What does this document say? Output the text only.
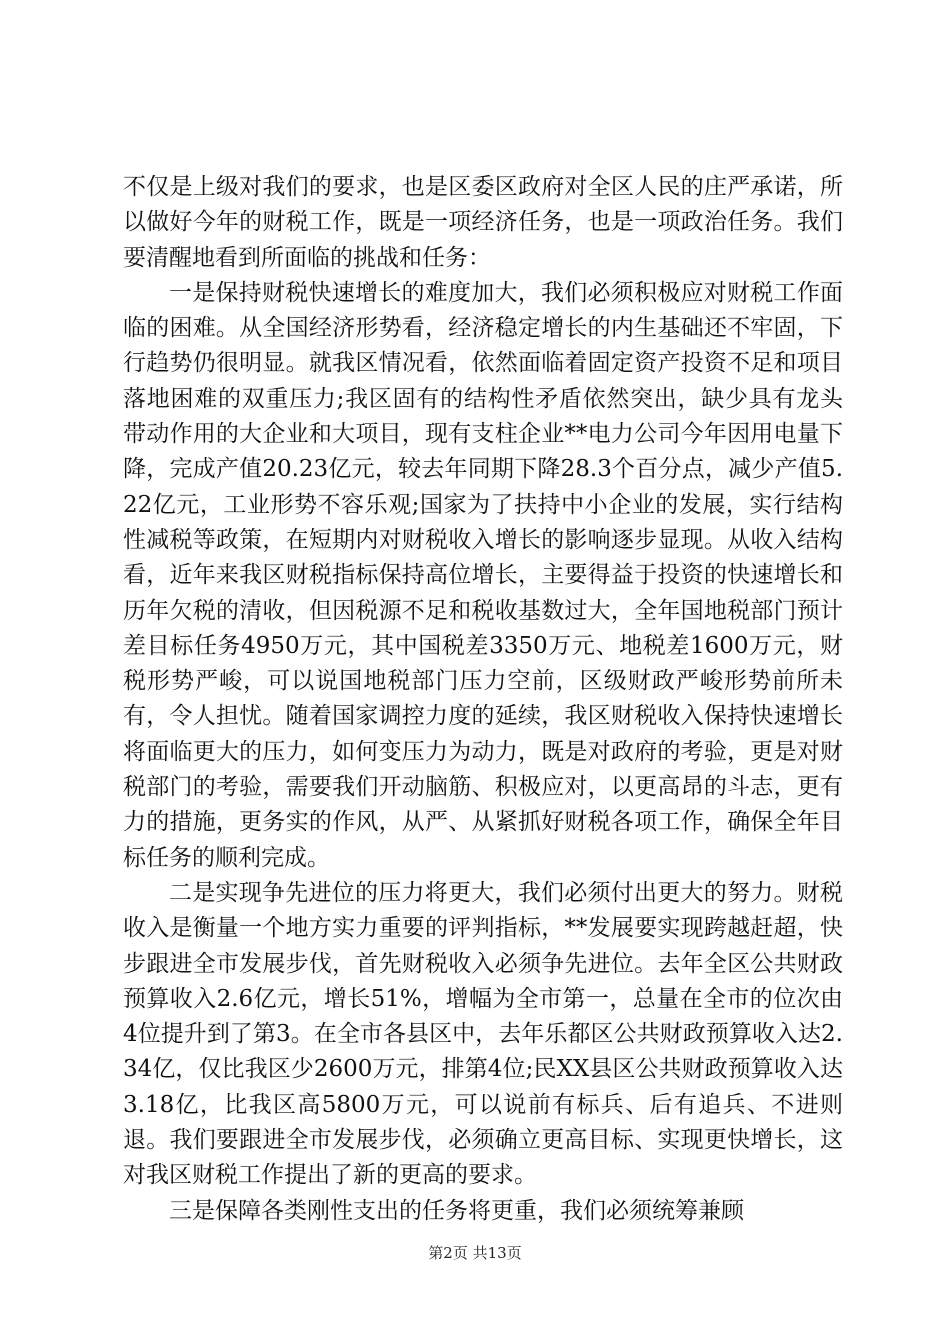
不仅是上级对我们的要求，也是区委区政府对全区人民的庄严承诺，所以做好今年的财税工作，既是一项经济任务，也是一项政治任务。我们要清醒地看到所面临的挑战和任务：

一是保持财税快速增长的难度加大，我们必须积极应对财税工作面临的困难。从全国经济形势看，经济稳定增长的内生基础还不牢固，下行趋势仍很明显。就我区情况看，依然面临着固定资产投资不足和项目落地困难的双重压力;我区固有的结构性矛盾依然突出，缺少具有龙头带动作用的大企业和大项目，现有支柱企业**电力公司今年因用电量下降，完成产值20.23亿元，较去年同期下降28.3个百分点，减少产值5.22亿元，工业形势不容乐观;国家为了扶持中小企业的发展，实行结构性减税等政策，在短期内对财税收入增长的影响逐步显现。从收入结构看，近年来我区财税指标保持高位增长，主要得益于投资的快速增长和历年欠税的清收，但因税源不足和税收基数过大，全年国地税部门预计差目标任务4950万元，其中国税差3350万元、地税差1600万元，财税形势严峻，可以说国地税部门压力空前，区级财政严峻形势前所未有，令人担忧。随着国家调控力度的延续，我区财税收入保持快速增长将面临更大的压力，如何变压力为动力，既是对政府的考验，更是对财税部门的考验，需要我们开动脑筋、积极应对，以更高昂的斗志，更有力的措施，更务实的作风，从严、从紧抓好财税各项工作，确保全年目标任务的顺利完成。

二是实现争先进位的压力将更大，我们必须付出更大的努力。财税收入是衡量一个地方实力重要的评判指标，**发展要实现跨越赶超，快步跟进全市发展步伐，首先财税收入必须争先进位。去年全区公共财政预算收入2.6亿元，增长51%，增幅为全市第一，总量在全市的位次由4位提升到了第3。在全市各县区中，去年乐都区公共财政预算收入达2.34亿，仅比我区少2600万元，排第4位;民XX县区公共财政预算收入达3.18亿，比我区高5800万元，可以说前有标兵、后有追兵、不进则退。我们要跟进全市发展步伐，必须确立更高目标、实现更快增长，这对我区财税工作提出了新的更高的要求。

三是保障各类刚性支出的任务将更重，我们必须统筹兼顾

第2页 共13页
